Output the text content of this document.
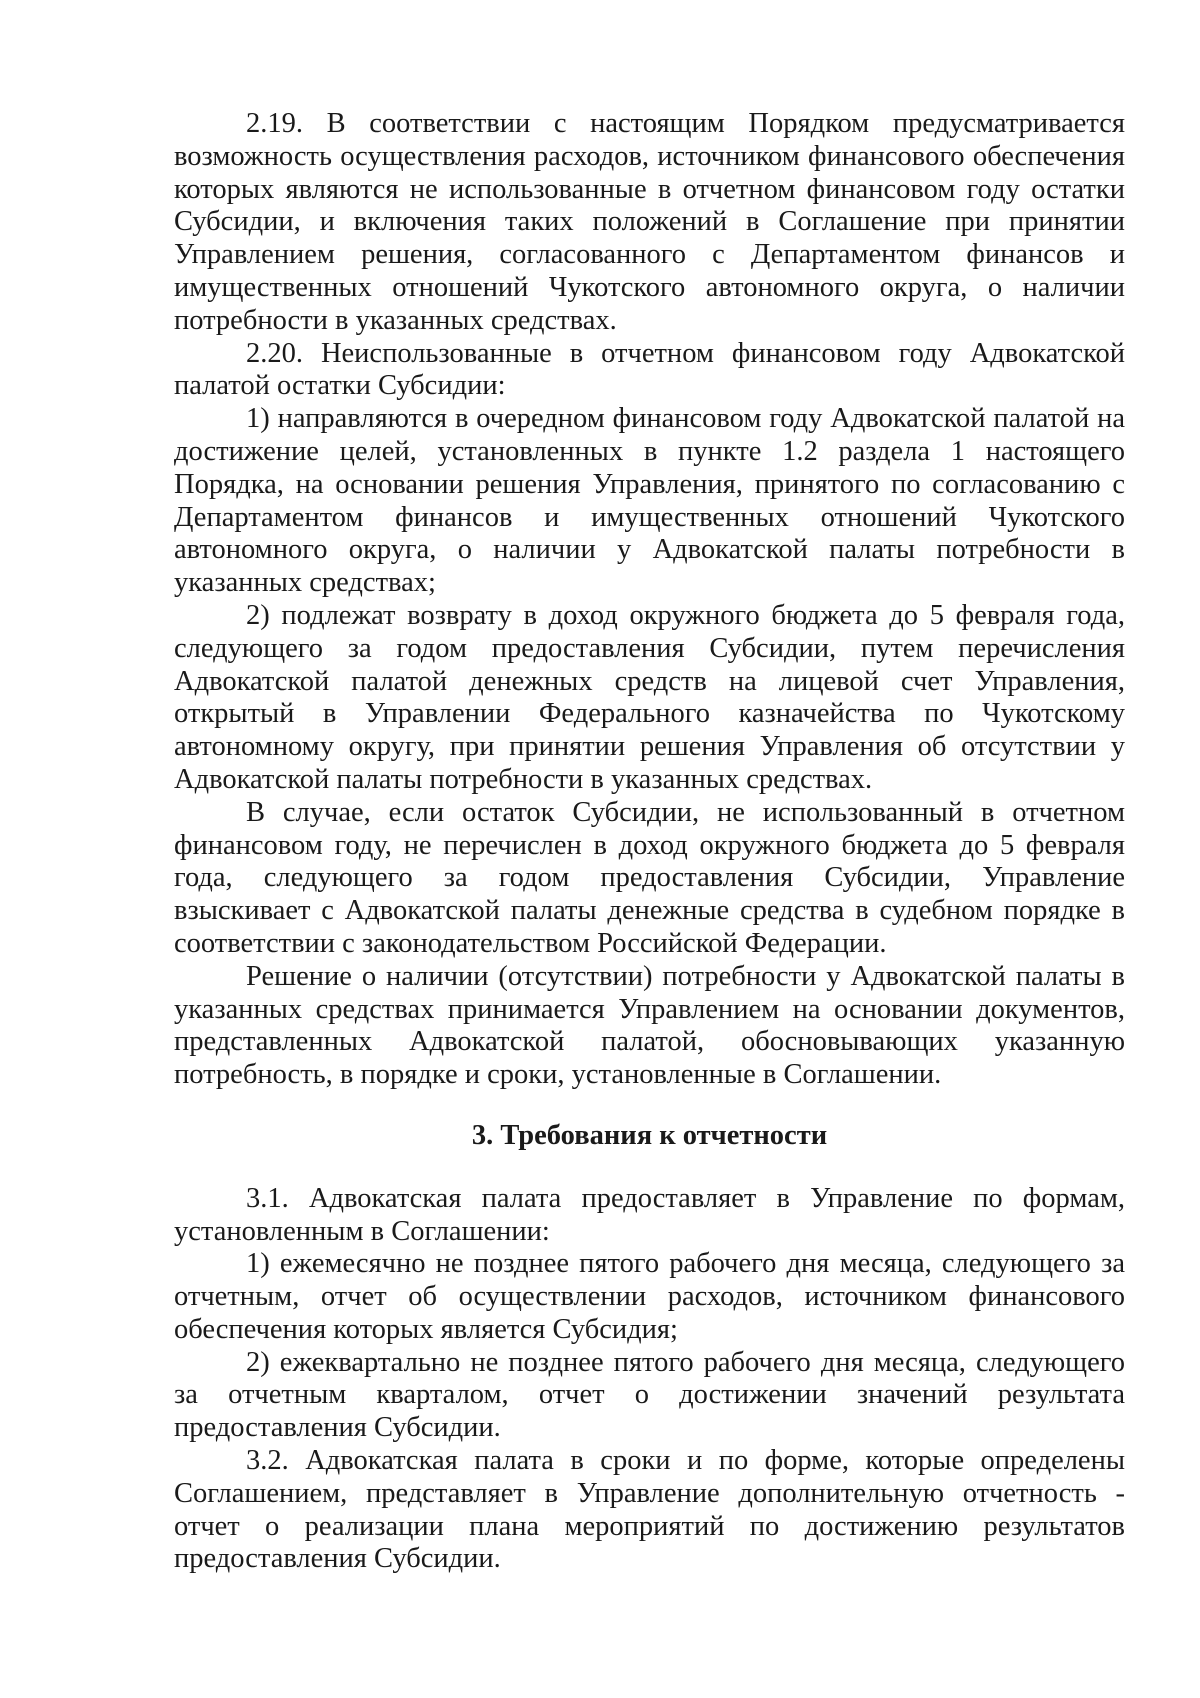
2.19. В соответствии с настоящим Порядком предусматривается возможность осуществления расходов, источником финансового обеспечения которых являются не использованные в отчетном финансовом году остатки Субсидии, и включения таких положений в Соглашение при принятии Управлением решения, согласованного с Департаментом финансов и имущественных отношений Чукотского автономного округа, о наличии потребности в указанных средствах.

2.20. Неиспользованные в отчетном финансовом году Адвокатской палатой остатки Субсидии:

1) направляются в очередном финансовом году Адвокатской палатой на достижение целей, установленных в пункте 1.2 раздела 1 настоящего Порядка, на основании решения Управления, принятого по согласованию с Департаментом финансов и имущественных отношений Чукотского автономного округа, о наличии у Адвокатской палаты потребности в указанных средствах;

2) подлежат возврату в доход окружного бюджета до 5 февраля года, следующего за годом предоставления Субсидии, путем перечисления Адвокатской палатой денежных средств на лицевой счет Управления, открытый в Управлении Федерального казначейства по Чукотскому автономному округу, при принятии решения Управления об отсутствии у Адвокатской палаты потребности в указанных средствах.

В случае, если остаток Субсидии, не использованный в отчетном финансовом году, не перечислен в доход окружного бюджета до 5 февраля года, следующего за годом предоставления Субсидии, Управление взыскивает с Адвокатской палаты денежные средства в судебном порядке в соответствии с законодательством Российской Федерации.

Решение о наличии (отсутствии) потребности у Адвокатской палаты в указанных средствах принимается Управлением на основании документов, представленных Адвокатской палатой, обосновывающих указанную потребность, в порядке и сроки, установленные в Соглашении.

3. Требования к отчетности

3.1. Адвокатская палата предоставляет в Управление по формам, установленным в Соглашении:

1) ежемесячно не позднее пятого рабочего дня месяца, следующего за отчетным, отчет об осуществлении расходов, источником финансового обеспечения которых является Субсидия;

2) ежеквартально не позднее пятого рабочего дня месяца, следующего за отчетным кварталом, отчет о достижении значений результата предоставления Субсидии.

3.2. Адвокатская палата в сроки и по форме, которые определены Соглашением, представляет в Управление дополнительную отчетность - отчет о реализации плана мероприятий по достижению результатов предоставления Субсидии.
